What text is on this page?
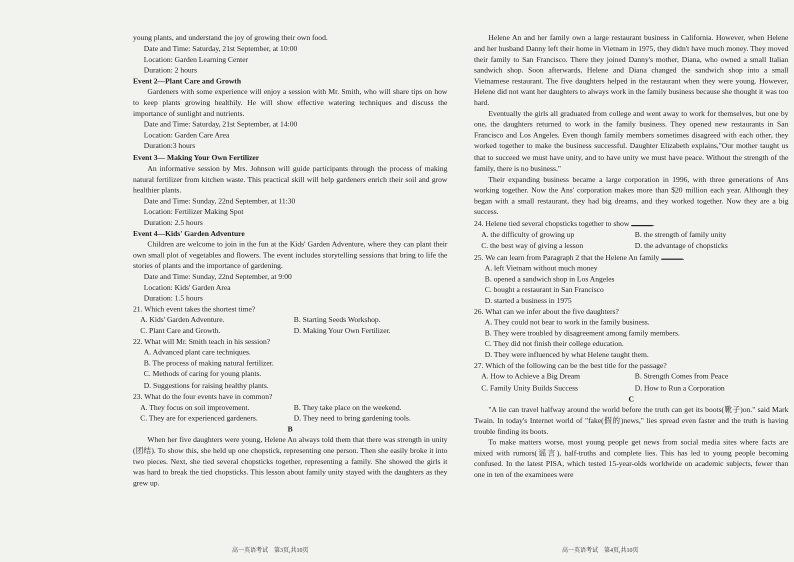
young plants, and understand the joy of growing their own food.

Date and Time: Saturday, 21st September, at 10:00

Location: Garden Learning Center

Duration: 2 hours

Event 2—Plant Care and Growth

Gardeners with some experience will enjoy a session with Mr. Smith, who will share tips on how to keep plants growing healthily. He will show effective watering techniques and discuss the importance of sunlight and nutrients.

Date and Time: Saturday, 21st September, at 14:00

Location: Garden Care Area

Duration:3 hours

Event 3— Making Your Own Fertilizer

An informative session by Mrs. Johnson will guide participants through the process of making natural fertilizer from kitchen waste. This practical skill will help gardeners enrich their soil and grow healthier plants.

Date and Time: Sunday, 22nd September, at 11:30

Location: Fertilizer Making Spot

Duration: 2.5 hours

Event 4—Kids' Garden Adventure

Children are welcome to join in the fun at the Kids' Garden Adventure, where they can plant their own small plot of vegetables and flowers. The event includes storytelling sessions that bring to life the stories of plants and the importance of gardening.

Date and Time: Sunday, 22nd September, at 9:00

Location: Kids' Garden Area

Duration: 1.5 hours

21. Which event takes the shortest time?

A. Kids' Garden Adventure.	B. Starting Seeds Workshop.
C. Plant Care and Growth.	D. Making Your Own Fertilizer.

22. What will Mr. Smith teach in his session?

A. Advanced plant care techniques.

B. The process of making natural fertilizer.

C. Methods of caring for young plants.

D. Suggestions for raising healthy plants.

23. What do the four events have in common?

A. They focus on soil improvement.	B. They take place on the weekend.
C. They are for experienced gardeners.	D. They need to bring gardening tools.

B

When her five daughters were young, Helene An always told them that there was strength in unity (团结). To show this, she held up one chopstick, representing one person. Then she easily broke it into two pieces. Next, she tied several chopsticks together, representing a family. She showed the girls it was hard to break the tied chopsticks. This lesson about family unity stayed with the daughters as they grew up.

Helene An and her family own a large restaurant business in California. However, when Helene and her husband Danny left their home in Vietnam in 1975, they didn't have much money. They moved their family to San Francisco. There they joined Danny's mother, Diana, who owned a small Italian sandwich shop. Soon afterwards, Helene and Diana changed the sandwich shop into a small Vietnamese restaurant. The five daughters helped in the restaurant when they were young. However, Helene did not want her daughters to always work in the family business because she thought it was too hard.

Eventually the girls all graduated from college and went away to work for themselves, but one by one, the daughters returned to work in the family business. They opened new restaurants in San Francisco and Los Angeles. Even though family members sometimes disagreed with each other, they worked together to make the business successful. Daughter Elizabeth explains,"Our mother taught us that to succeed we must have unity, and to have unity we must have peace. Without the strength of the family, there is no business."

Their expanding business became a large corporation in 1996, with three generations of Ans working together. Now the Ans' corporation makes more than $20 million each year. Although they began with a small restaurant, they had big dreams, and they worked together. Now they are a big success.

24. Helene tied several chopsticks together to show	.

A. the difficulty of growing up	B. the strength of family unity
C. the best way of giving a lesson	D. the advantage of chopsticks

25. We can learn from Paragraph 2 that the Helene An family	.

A. left Vietnam without much money

B. opened a sandwich shop in Los Angeles

C. bought a restaurant in San Francisco

D. started a business in 1975

26. What can we infer about the five daughters?

A. They could not bear to work in the family business.

B. They were troubled by disagreement among family members.

C. They did not finish their college education.

D. They were influenced by what Helene taught them.

27. Which of the following can be the best title for the passage?

A. How to Achieve a Big Dream	B. Strength Comes from Peace
C. Family Unity Builds Success	D. How to Run a Corporation

C

"A lie can travel halfway around the world before the truth can get its boots(靴子)on." said Mark Twain. In today's Internet world of "fake(假的)news," lies spread even faster and the truth is having trouble finding its boots.

To make matters worse, most young people get news from social media sites where facts are mixed with rumors(谣言), half-truths and complete lies. This has led to young people becoming confused. In the latest PISA, which tested 15-year-olds worldwide on academic subjects, fewer than one in ten of the examinees were

高一英语考试　第3页,共10页	高一英语考试　第4页,共10页
